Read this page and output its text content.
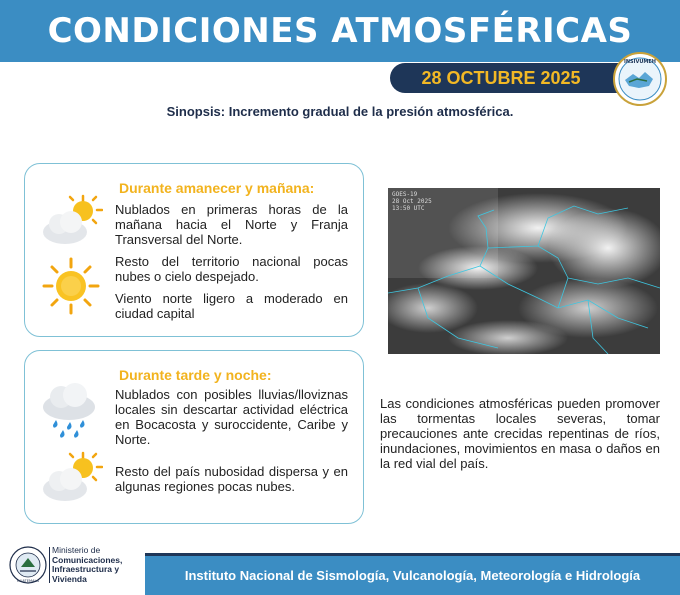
CONDICIONES ATMOSFÉRICAS
28 OCTUBRE 2025
INSIVUMEH
Sinopsis: Incremento gradual de la presión atmosférica.
Durante amanecer y mañana:
Nublados en primeras horas de la mañana hacia el Norte y Franja Transversal del Norte.
Resto del territorio nacional pocas nubes o cielo despejado.
Viento norte ligero a moderado en ciudad capital
Durante tarde y noche:
Nublados con posibles lluvias/lloviznas locales sin descartar actividad eléctrica en Bocacosta y suroccidente, Caribe y Norte.
Resto del país nubosidad dispersa y en algunas regiones pocas nubes.
GOES-19
28 Oct 2025
13:50 UTC
Las condiciones atmosféricas pueden promover las tormentas locales severas, tomar precauciones ante crecidas repentinas de ríos, inundaciones, movimientos en masa o daños en la red vial del país.
GUATEMALA
Ministerio de
Comunicaciones,
Infraestructura y
Vivienda	Instituto Nacional de Sismología, Vulcanología, Meteorología e Hidrología
